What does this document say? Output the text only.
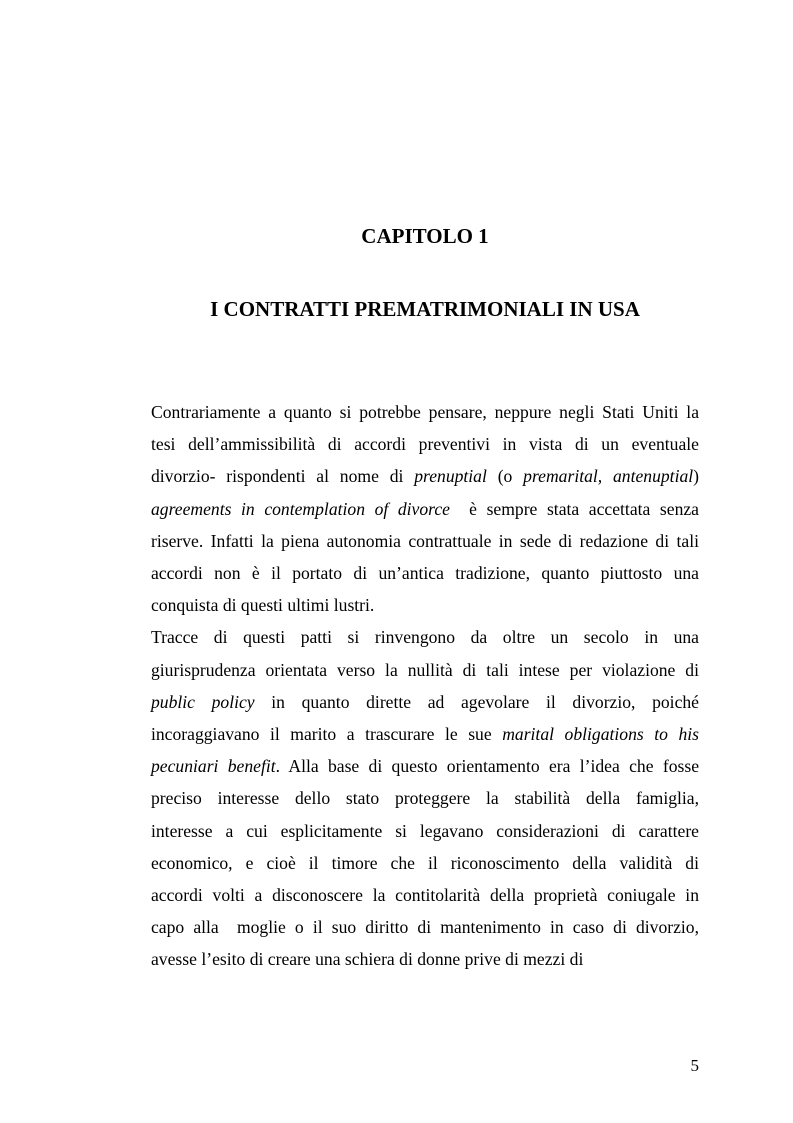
CAPITOLO 1
I CONTRATTI PREMATRIMONIALI IN USA
Contrariamente a quanto si potrebbe pensare, neppure negli Stati Uniti la
tesi dell’ammissibilità di accordi preventivi in vista di un eventuale
divorzio- rispondenti al nome di prenuptial (o premarital, antenuptial)
agreements in contemplation of divorce  è sempre stata accettata senza
riserve. Infatti la piena autonomia contrattuale in sede di redazione di tali
accordi non è il portato di un’antica tradizione, quanto piuttosto una
conquista di questi ultimi lustri.
Tracce di questi patti si rinvengono da oltre un secolo in una
giurisprudenza orientata verso la nullità di tali intese per violazione di
public policy in quanto dirette ad agevolare il divorzio, poiché
incoraggiavano il marito a trascurare le sue marital obligations to his
pecuniari benefit. Alla base di questo orientamento era l’idea che fosse
preciso interesse dello stato proteggere la stabilità della famiglia,
interesse a cui esplicitamente si legavano considerazioni di carattere
economico, e cioè il timore che il riconoscimento della validità di
accordi volti a disconoscere la contitolarità della proprietà coniugale in
capo alla  moglie o il suo diritto di mantenimento in caso di divorzio,
avesse l’esito di creare una schiera di donne prive di mezzi di
5
